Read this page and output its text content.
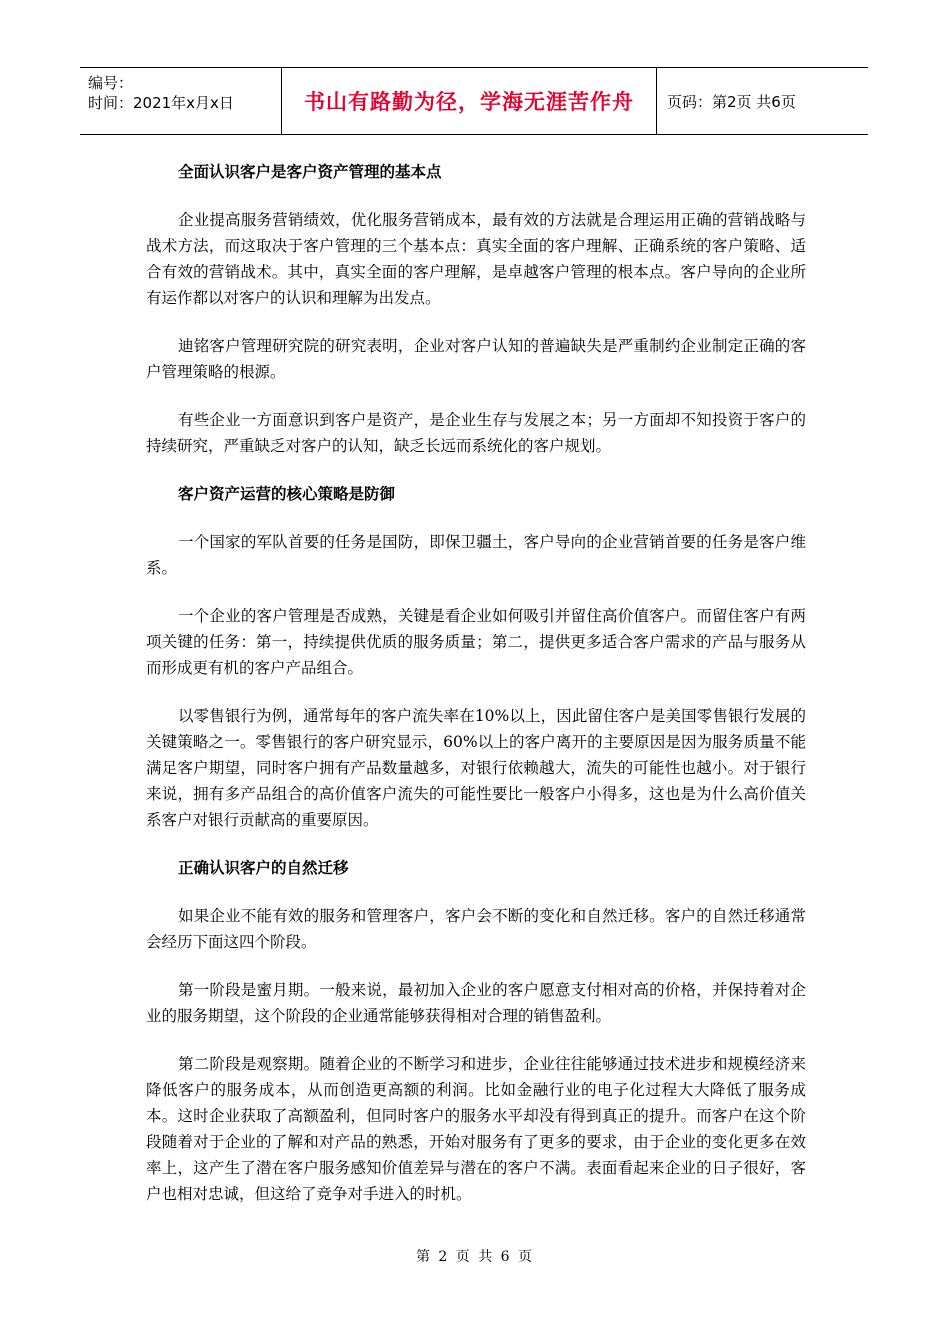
编号：
时间：2021年x月x日	书山有路勤为径，学海无涯苦作舟	页码：第2页 共6页
全面认识客户是客户资产管理的基本点

企业提高服务营销绩效，优化服务营销成本，最有效的方法就是合理运用正确的营销战略与战术方法，而这取决于客户管理的三个基本点：真实全面的客户理解、正确系统的客户策略、适合有效的营销战术。其中，真实全面的客户理解，是卓越客户管理的根本点。客户导向的企业所有运作都以对客户的认识和理解为出发点。

迪铭客户管理研究院的研究表明，企业对客户认知的普遍缺失是严重制约企业制定正确的客户管理策略的根源。

有些企业一方面意识到客户是资产，是企业生存与发展之本；另一方面却不知投资于客户的持续研究，严重缺乏对客户的认知，缺乏长远而系统化的客户规划。

客户资产运营的核心策略是防御

一个国家的军队首要的任务是国防，即保卫疆土，客户导向的企业营销首要的任务是客户维系。

一个企业的客户管理是否成熟，关键是看企业如何吸引并留住高价值客户。而留住客户有两项关键的任务：第一，持续提供优质的服务质量；第二，提供更多适合客户需求的产品与服务从而形成更有机的客户产品组合。

以零售银行为例，通常每年的客户流失率在10%以上，因此留住客户是美国零售银行发展的关键策略之一。零售银行的客户研究显示，60%以上的客户离开的主要原因是因为服务质量不能满足客户期望，同时客户拥有产品数量越多，对银行依赖越大，流失的可能性也越小。对于银行来说，拥有多产品组合的高价值客户流失的可能性要比一般客户小得多，这也是为什么高价值关系客户对银行贡献高的重要原因。

正确认识客户的自然迁移

如果企业不能有效的服务和管理客户，客户会不断的变化和自然迁移。客户的自然迁移通常会经历下面这四个阶段。

第一阶段是蜜月期。一般来说，最初加入企业的客户愿意支付相对高的价格，并保持着对企业的服务期望，这个阶段的企业通常能够获得相对合理的销售盈利。

第二阶段是观察期。随着企业的不断学习和进步，企业往往能够通过技术进步和规模经济来降低客户的服务成本，从而创造更高额的利润。比如金融行业的电子化过程大大降低了服务成本。这时企业获取了高额盈利，但同时客户的服务水平却没有得到真正的提升。而客户在这个阶段随着对于企业的了解和对产品的熟悉，开始对服务有了更多的要求，由于企业的变化更多在效率上，这产生了潜在客户服务感知价值差异与潜在的客户不满。表面看起来企业的日子很好，客户也相对忠诚，但这给了竞争对手进入的时机。

第 2 页 共 6 页
